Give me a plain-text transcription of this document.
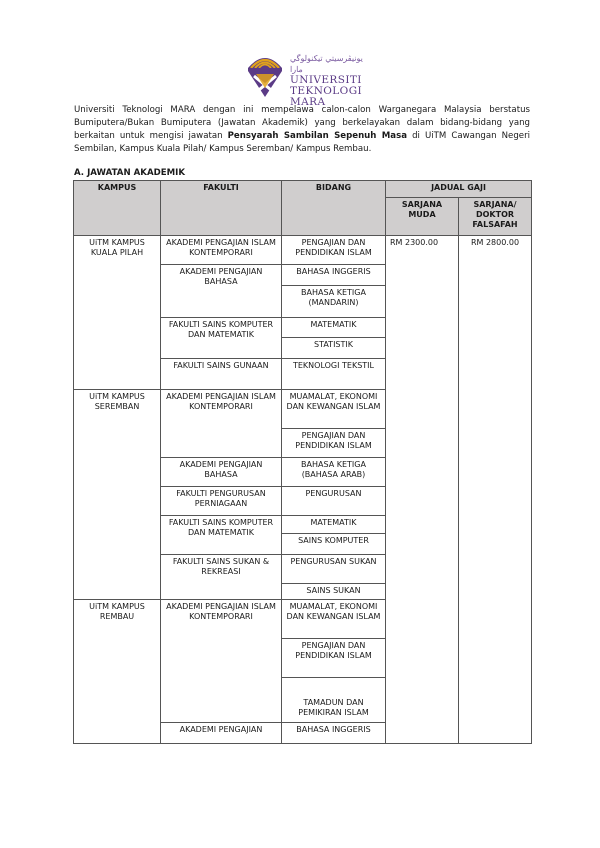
ﻳﻮﻧﻴﭭﺮﺳﻴﺘﻲ ﺗﻴﻜﻨﻮﻟﻮﮔﻲ ﻣﺎرا
UNIVERSITI
TEKNOLOGI
MARA

Universiti Teknologi MARA dengan ini mempelawa calon-calon Warganegara Malaysia berstatus Bumiputera/Bukan Bumiputera (Jawatan Akademik) yang berkelayakan dalam bidang-bidang yang berkaitan untuk mengisi jawatan Pensyarah Sambilan Sepenuh Masa di UiTM Cawangan Negeri Sembilan, Kampus Kuala Pilah/ Kampus Seremban/ Kampus Rembau.

A. JAWATAN AKADEMIK
KAMPUS	FAKULTI	BIDANG	JADUAL GAJI	
			SARJANA MUDA	SARJANA/ DOKTOR FALSAFAH
UiTM KAMPUS KUALA PILAH	AKADEMI PENGAJIAN ISLAM KONTEMPORARI	PENGAJIAN DAN PENDIDIKAN ISLAM	RM 2300.00	RM 2800.00
	AKADEMI PENGAJIAN BAHASA	BAHASA INGGERIS		
		BAHASA KETIGA (MANDARIN)		
	FAKULTI SAINS KOMPUTER DAN MATEMATIK	MATEMATIK		
		STATISTIK		
	FAKULTI SAINS GUNAAN	TEKNOLOGI TEKSTIL		

UiTM KAMPUS SEREMBAN	AKADEMI PENGAJIAN ISLAM KONTEMPORARI	MUAMALAT, EKONOMI DAN KEWANGAN ISLAM		
		PENGAJIAN DAN PENDIDIKAN ISLAM		
	AKADEMI PENGAJIAN BAHASA	BAHASA KETIGA (BAHASA ARAB)		
	FAKULTI PENGURUSAN PERNIAGAAN	PENGURUSAN		
	FAKULTI SAINS KOMPUTER DAN MATEMATIK	MATEMATIK		
		SAINS KOMPUTER		
	FAKULTI SAINS SUKAN & REKREASI	PENGURUSAN SUKAN		

		SAINS SUKAN		
UiTM KAMPUS REMBAU	AKADEMI PENGAJIAN ISLAM KONTEMPORARI	MUAMALAT, EKONOMI DAN KEWANGAN ISLAM		
		PENGAJIAN DAN PENDIDIKAN ISLAM		

		TAMADUN DAN PEMIKIRAN ISLAM		

	AKADEMI PENGAJIAN	BAHASA INGGERIS		
